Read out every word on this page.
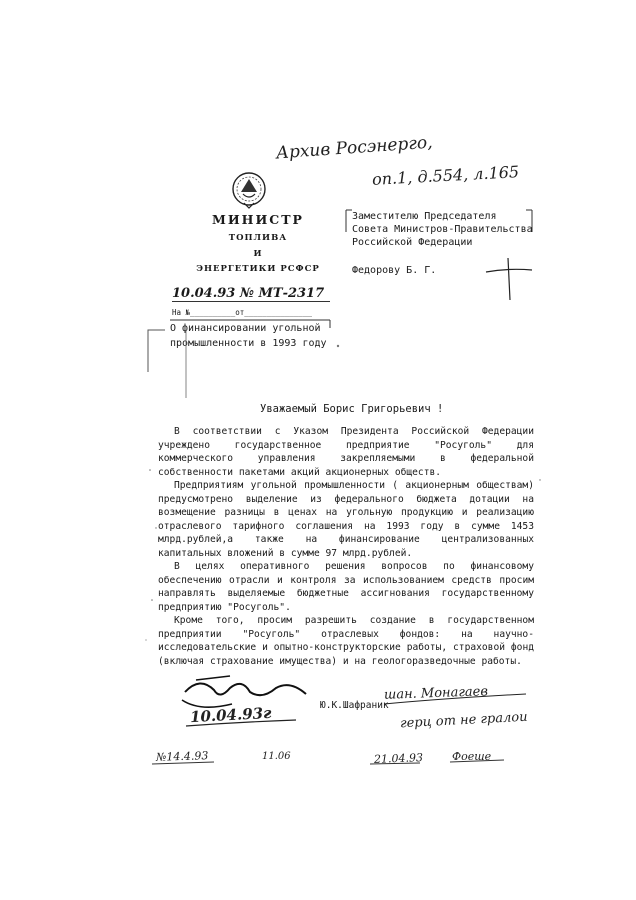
Архив Росэнерго,
оп.1, д.554, л.165
МИНИСТР
ТОПЛИВА
И
ЭНЕРГЕТИКИ РСФСР
10.04.93 № МТ-2317
На №__________от_______________
О финансировании угольной
промышленности в 1993 году
Заместителю Председателя
Совета Министров-Правительства
Российской Федерации
Федорову Б. Г.
Уважаемый Борис Григорьевич !

В соответствии с Указом Президента Российской Федерации учреждено государственное предприятие "Росуголь" для коммерческого управления закрепляемыми в федеральной собственности пакетами акций акционерных обществ.

Предприятиям угольной промышленности ( акционерным обществам) предусмотрено выделение из федерального бюджета дотации на возмещение разницы в ценах на угольную продукцию и реализацию отраслевого тарифного соглашения на 1993 году в сумме 1453 млрд.рублей,а также на финансирование централизованных капитальных вложений в сумме 97 млрд.рублей.

В целях оперативного решения вопросов по финансовому обеспечению отрасли и контроля за использованием средств просим направлять выделяемые бюджетные ассигнования государственному предприятию "Росуголь".

Кроме того, просим разрешить создание в государственном предприятии "Росуголь" отраслевых фондов: на научно-исследовательские и опытно-конструкторские работы, страховой фонд (включая страхование имущества) и на геологоразведочные работы.

10.04.93г	Ю.К.Шафраник
шан. Монагаев
герц от не гралои
№14.4.93	11.06	21.04.93	Фоеше
